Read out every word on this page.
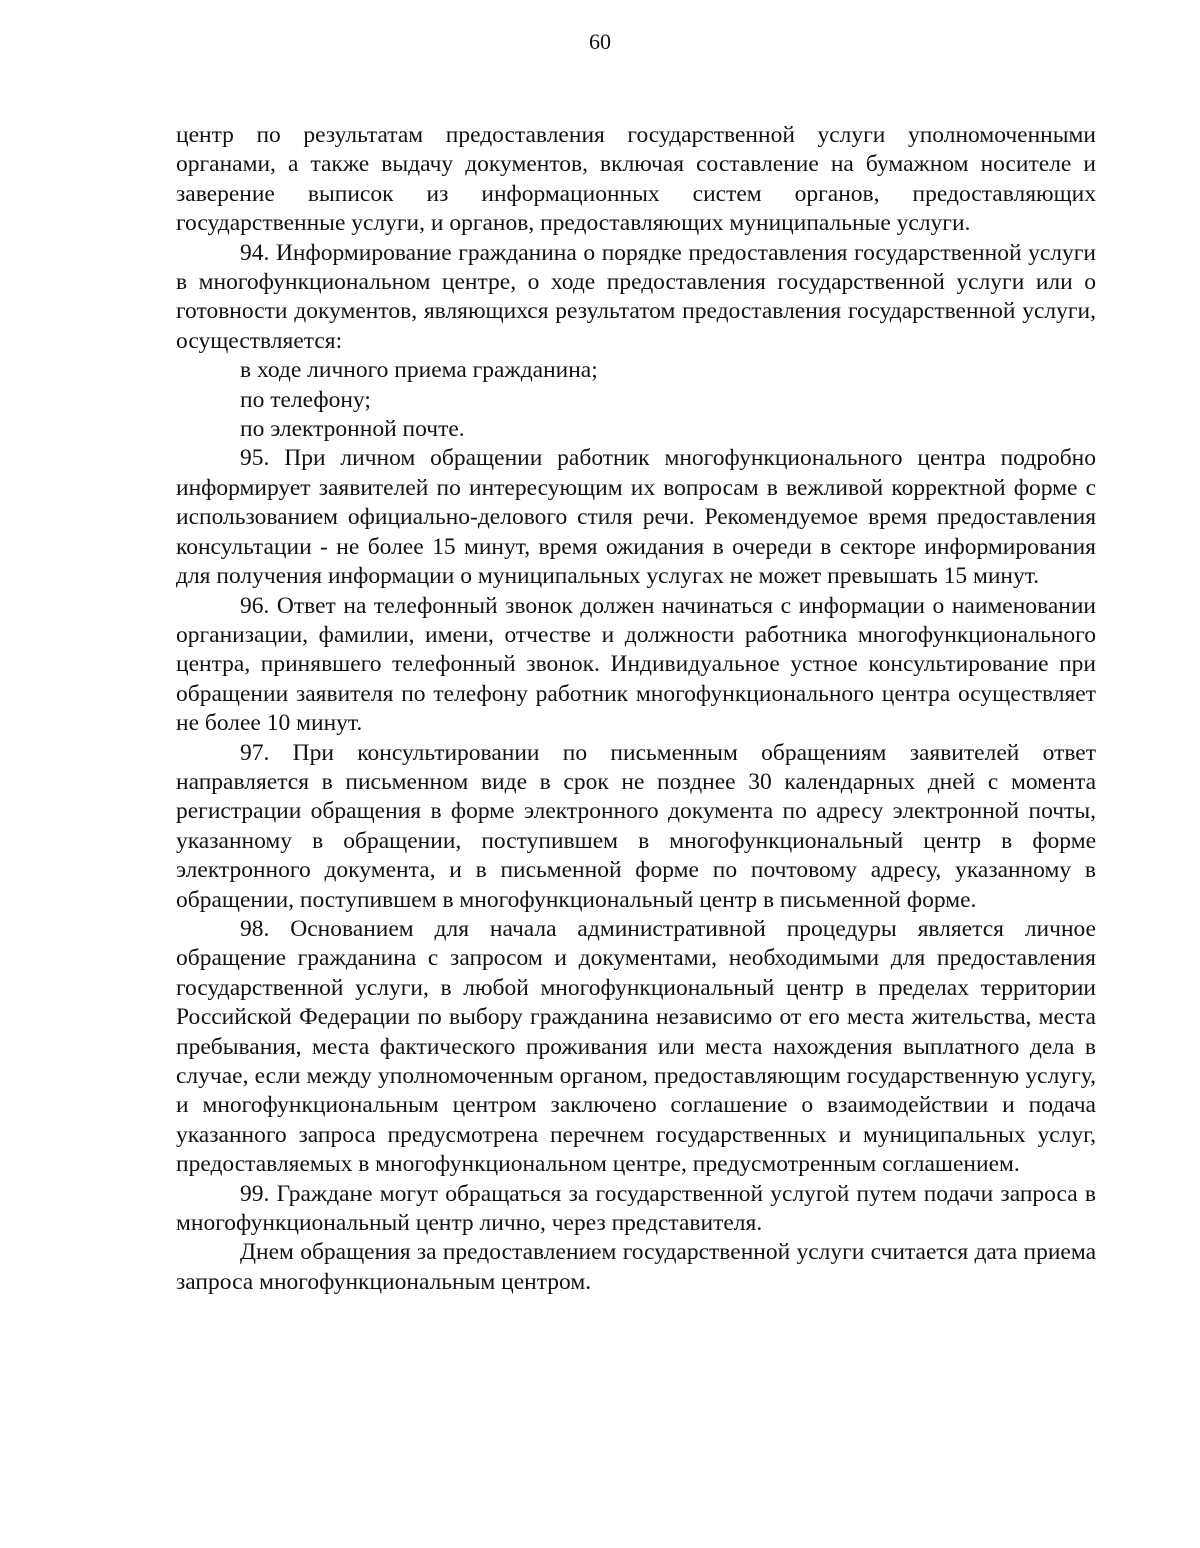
60

центр по результатам предоставления государственной услуги уполномоченными органами, а также выдачу документов, включая составление на бумажном носителе и заверение выписок из информационных систем органов, предоставляющих государственные услуги, и органов, предоставляющих муниципальные услуги.

94. Информирование гражданина о порядке предоставления государственной услуги в многофункциональном центре, о ходе предоставления государственной услуги или о готовности документов, являющихся результатом предоставления государственной услуги, осуществляется:

в ходе личного приема гражданина;

по телефону;

по электронной почте.

95. При личном обращении работник многофункционального центра подробно информирует заявителей по интересующим их вопросам в вежливой корректной форме с использованием официально-делового стиля речи. Рекомендуемое время предоставления консультации - не более 15 минут, время ожидания в очереди в секторе информирования для получения информации о муниципальных услугах не может превышать 15 минут.

96. Ответ на телефонный звонок должен начинаться с информации о наименовании организации, фамилии, имени, отчестве и должности работника многофункционального центра, принявшего телефонный звонок. Индивидуальное устное консультирование при обращении заявителя по телефону работник многофункционального центра осуществляет не более 10 минут.

97. При консультировании по письменным обращениям заявителей ответ направляется в письменном виде в срок не позднее 30 календарных дней с момента регистрации обращения в форме электронного документа по адресу электронной почты, указанному в обращении, поступившем в многофункциональный центр в форме электронного документа, и в письменной форме по почтовому адресу, указанному в обращении, поступившем в многофункциональный центр в письменной форме.

98. Основанием для начала административной процедуры является личное обращение гражданина с запросом и документами, необходимыми для предоставления государственной услуги, в любой многофункциональный центр в пределах территории Российской Федерации по выбору гражданина независимо от его места жительства, места пребывания, места фактического проживания или места нахождения выплатного дела в случае, если между уполномоченным органом, предоставляющим государственную услугу, и многофункциональным центром заключено соглашение о взаимодействии и подача указанного запроса предусмотрена перечнем государственных и муниципальных услуг, предоставляемых в многофункциональном центре, предусмотренным соглашением.

99. Граждане могут обращаться за государственной услугой путем подачи запроса в многофункциональный центр лично, через представителя.

Днем обращения за предоставлением государственной услуги считается дата приема запроса многофункциональным центром.
